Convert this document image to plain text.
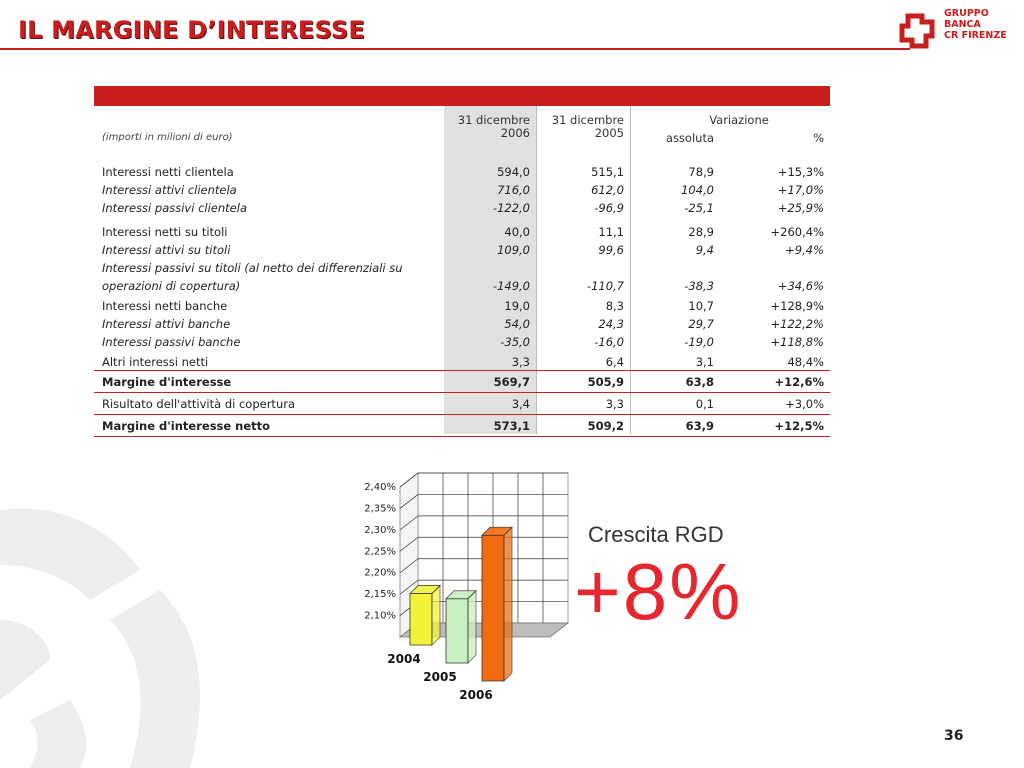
IL MARGINE D’INTERESSE
GRUPPO
BANCA
CR FIRENZE
(importi in milioni di euro)
31 dicembre 2006
31 dicembre 2005
Variazione
assoluta	%
Interessi netti clientela	594,0	515,1	78,9	+15,3%
Interessi attivi clientela	716,0	612,0	104,0	+17,0%
Interessi passivi clientela	-122,0	-96,9	-25,1	+25,9%
Interessi netti su titoli	40,0	11,1	28,9	+260,4%
Interessi attivi su titoli	109,0	99,6	9,4	+9,4%
Interessi passivi su titoli (al netto dei differenziali su
operazioni di copertura)	-149,0	-110,7	-38,3	+34,6%
Interessi netti banche	19,0	8,3	10,7	+128,9%
Interessi attivi banche	54,0	24,3	29,7	+122,2%
Interessi passivi banche	-35,0	-16,0	-19,0	+118,8%
Altri interessi netti	3,3	6,4	3,1	48,4%
Margine d'interesse	569,7	505,9	63,8	+12,6%
Risultato dell'attività di copertura	3,4	3,3	0,1	+3,0%
Margine d'interesse netto	573,1	509,2	63,9	+12,5%
2,40%
2,35%
2,30%
2,25%
2,20%
2,15%
2,10%
2004
2005
2006
Crescita RGD
+8%
36
